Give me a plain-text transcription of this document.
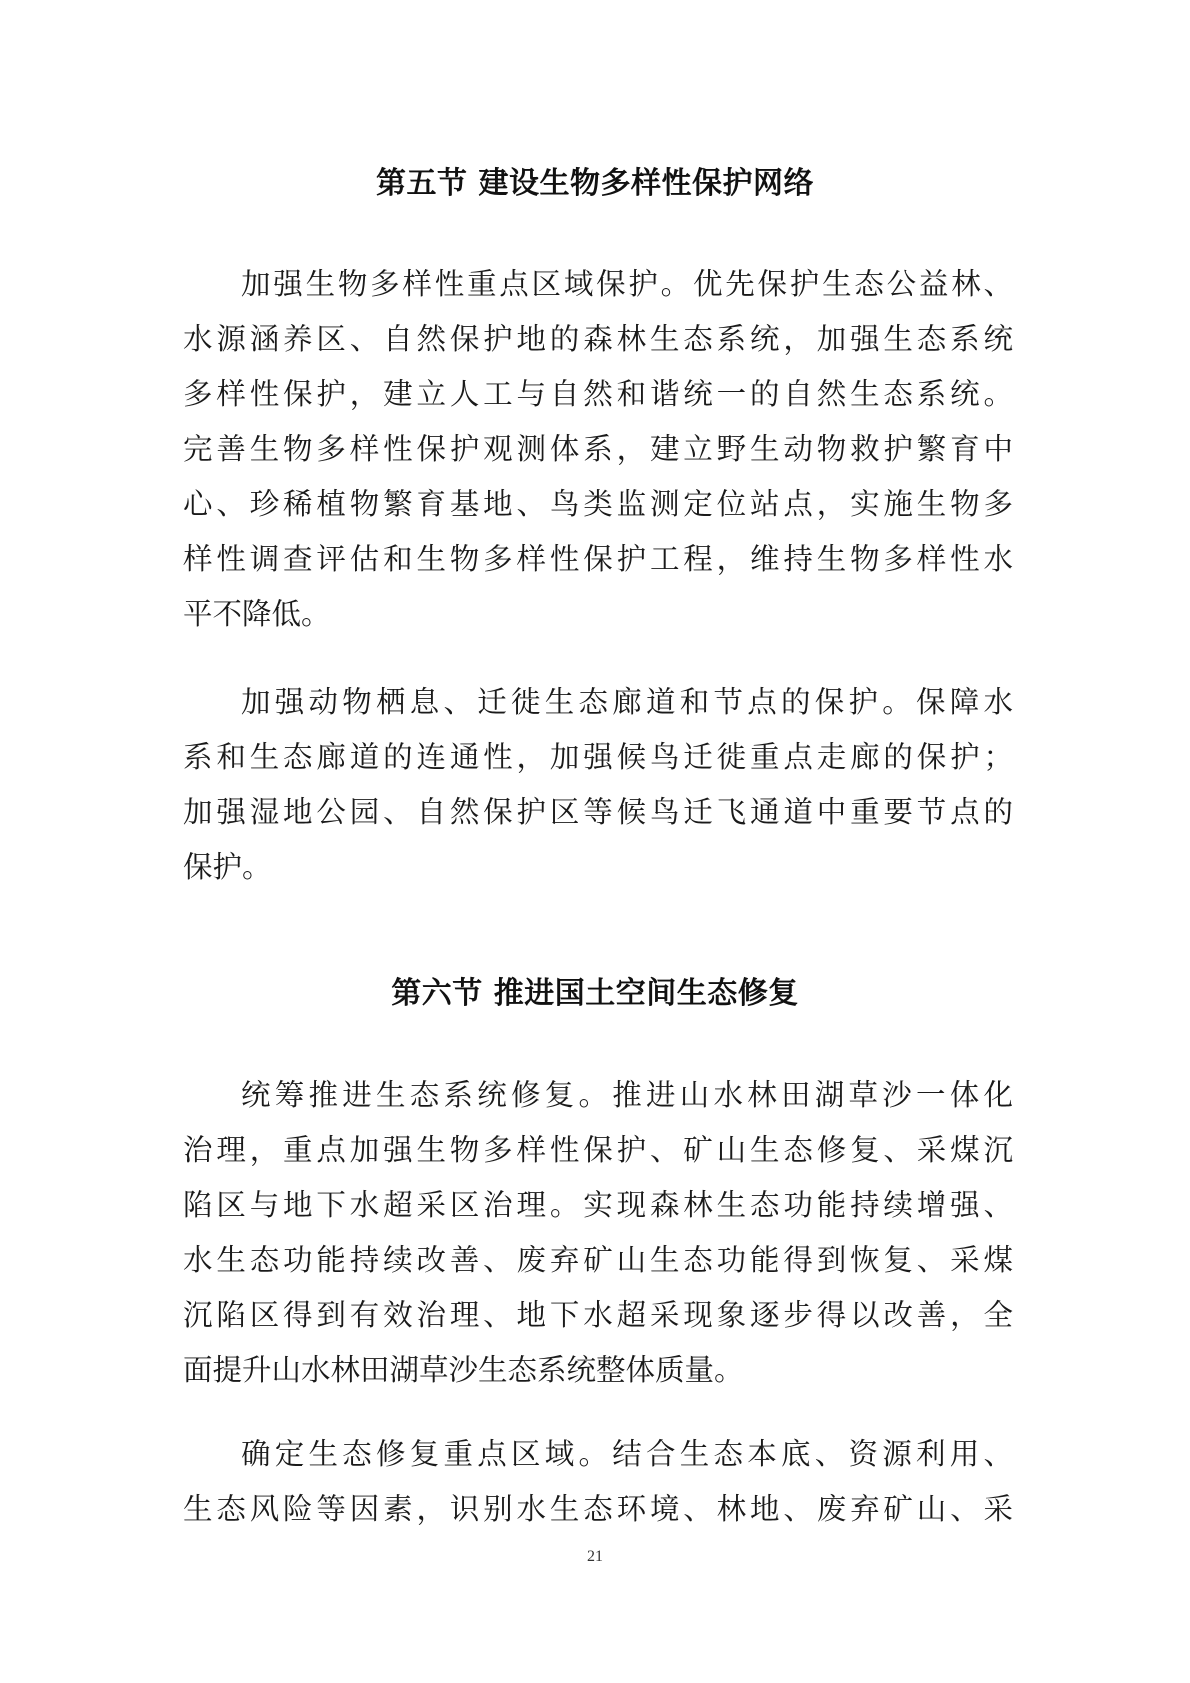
第五节 建设生物多样性保护网络
加强生物多样性重点区域保护。优先保护生态公益林、
水源涵养区、自然保护地的森林生态系统，加强生态系统
多样性保护，建立人工与自然和谐统一的自然生态系统。
完善生物多样性保护观测体系，建立野生动物救护繁育中
心、珍稀植物繁育基地、鸟类监测定位站点，实施生物多
样性调查评估和生物多样性保护工程，维持生物多样性水
平不降低。
加强动物栖息、迁徙生态廊道和节点的保护。保障水
系和生态廊道的连通性，加强候鸟迁徙重点走廊的保护；
加强湿地公园、自然保护区等候鸟迁飞通道中重要节点的
保护。
第六节 推进国土空间生态修复
统筹推进生态系统修复。推进山水林田湖草沙一体化
治理，重点加强生物多样性保护、矿山生态修复、采煤沉
陷区与地下水超采区治理。实现森林生态功能持续增强、
水生态功能持续改善、废弃矿山生态功能得到恢复、采煤
沉陷区得到有效治理、地下水超采现象逐步得以改善，全
面提升山水林田湖草沙生态系统整体质量。
确定生态修复重点区域。结合生态本底、资源利用、
生态风险等因素，识别水生态环境、林地、废弃矿山、采
21
